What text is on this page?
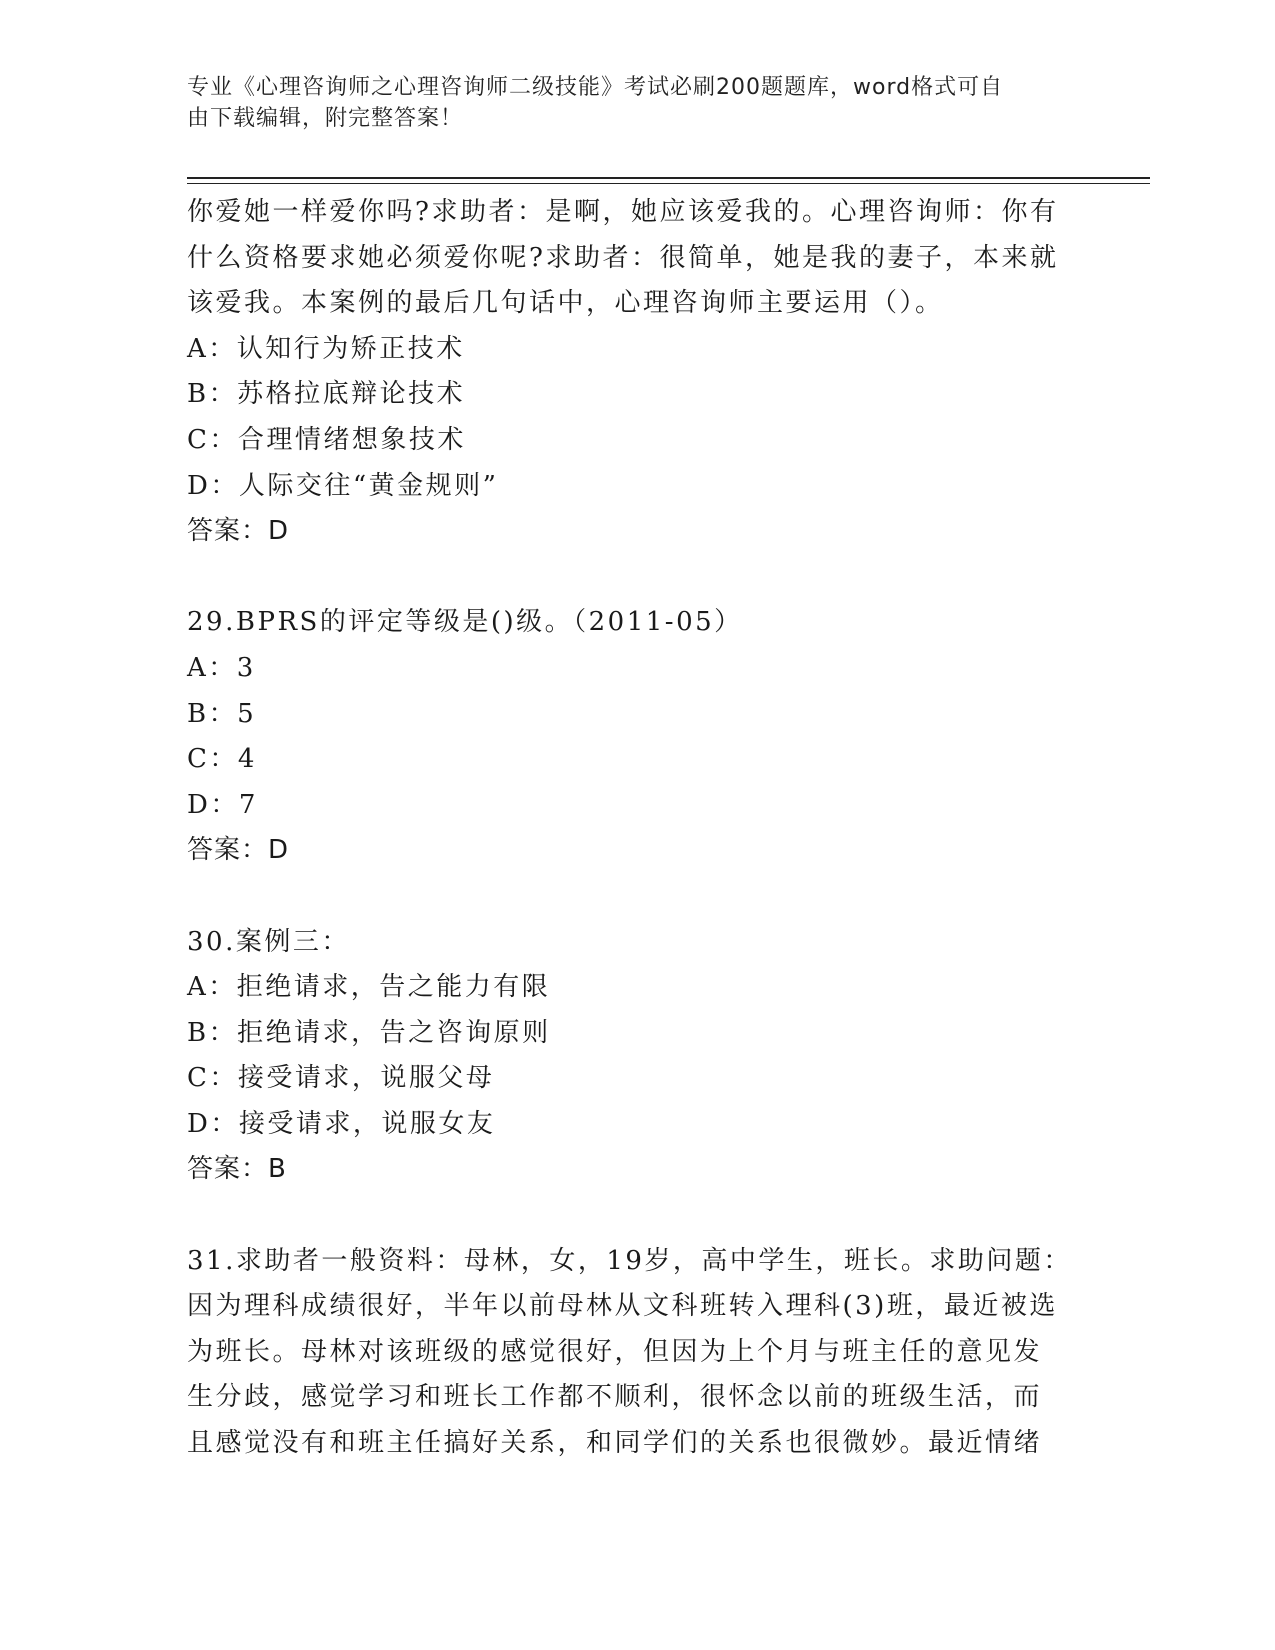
专业《心理咨询师之心理咨询师二级技能》考试必刷200题题库，word格式可自
由下载编辑，附完整答案！
你爱她一样爱你吗?求助者：是啊，她应该爱我的。心理咨询师：你有
什么资格要求她必须爱你呢?求助者：很简单，她是我的妻子，本来就
该爱我。本案例的最后几句话中，心理咨询师主要运用（）。
A：认知行为矫正技术
B：苏格拉底辩论技术
C：合理情绪想象技术
D：人际交往“黄金规则”
答案：D
29.BPRS的评定等级是()级。（2011-05）
A：3
B：5
C：4
D：7
答案：D
30.案例三：
A：拒绝请求，告之能力有限
B：拒绝请求，告之咨询原则
C：接受请求，说服父母
D：接受请求，说服女友
答案：B
31.求助者一般资料：母林，女，19岁，高中学生，班长。求助问题：
因为理科成绩很好，半年以前母林从文科班转入理科(3)班，最近被选
为班长。母林对该班级的感觉很好，但因为上个月与班主任的意见发
生分歧，感觉学习和班长工作都不顺利，很怀念以前的班级生活，而
且感觉没有和班主任搞好关系，和同学们的关系也很微妙。最近情绪
